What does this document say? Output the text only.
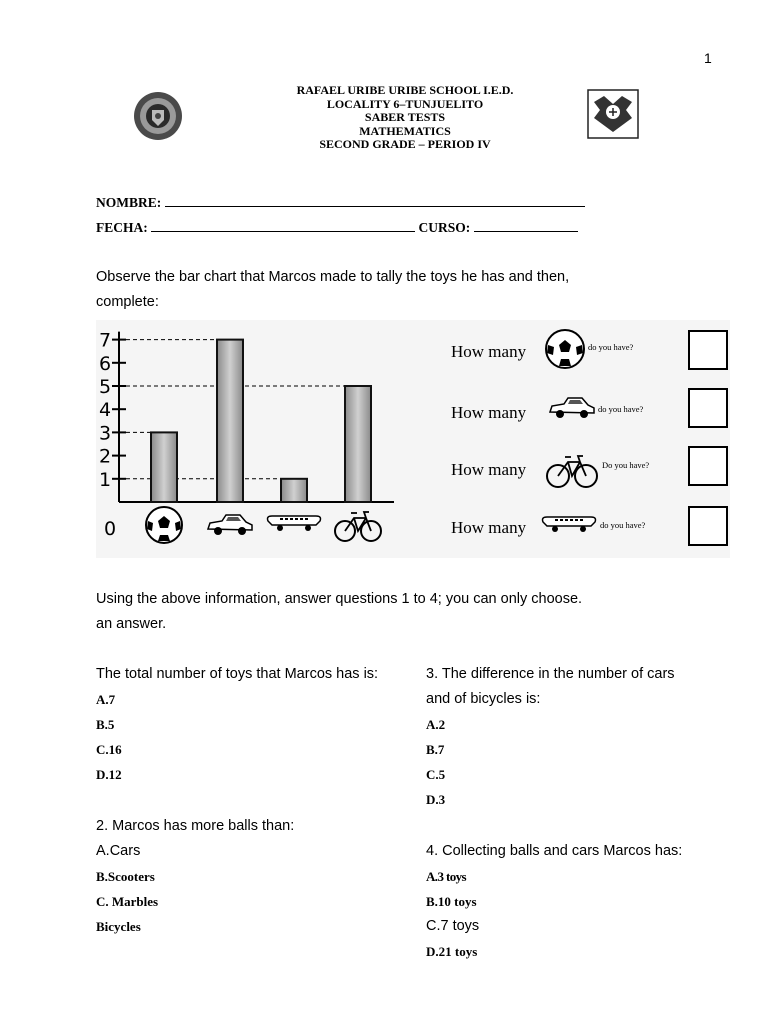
1
RAFAEL URIBE URIBE SCHOOL I.E.D.
LOCALITY 6–TUNJUELITO
SABER TESTS
MATHEMATICS
SECOND GRADE – PERIOD IV
NOMBRE:
FECHA:	CURSO:
Observe the bar chart that Marcos made to tally the toys he has and then,
complete:
0
1
2
3
4
5
6
7	How many	do you have?
How many	do you have?
How many	Do you have?
How many	do you have?
Using the above information, answer questions 1 to 4; you can only choose.
an answer.
The total number of toys that Marcos has is:
A.7
B.5
C.16
D.12
2. Marcos has more balls than:
A.Cars
B.Scooters
C. Marbles
Bicycles
3. The difference in the number of cars
and of bicycles is:
A.2
B.7
C.5
D.3
4. Collecting balls and cars Marcos has:
A.3 toys
B.10 toys
C.7 toys
D.21 toys
